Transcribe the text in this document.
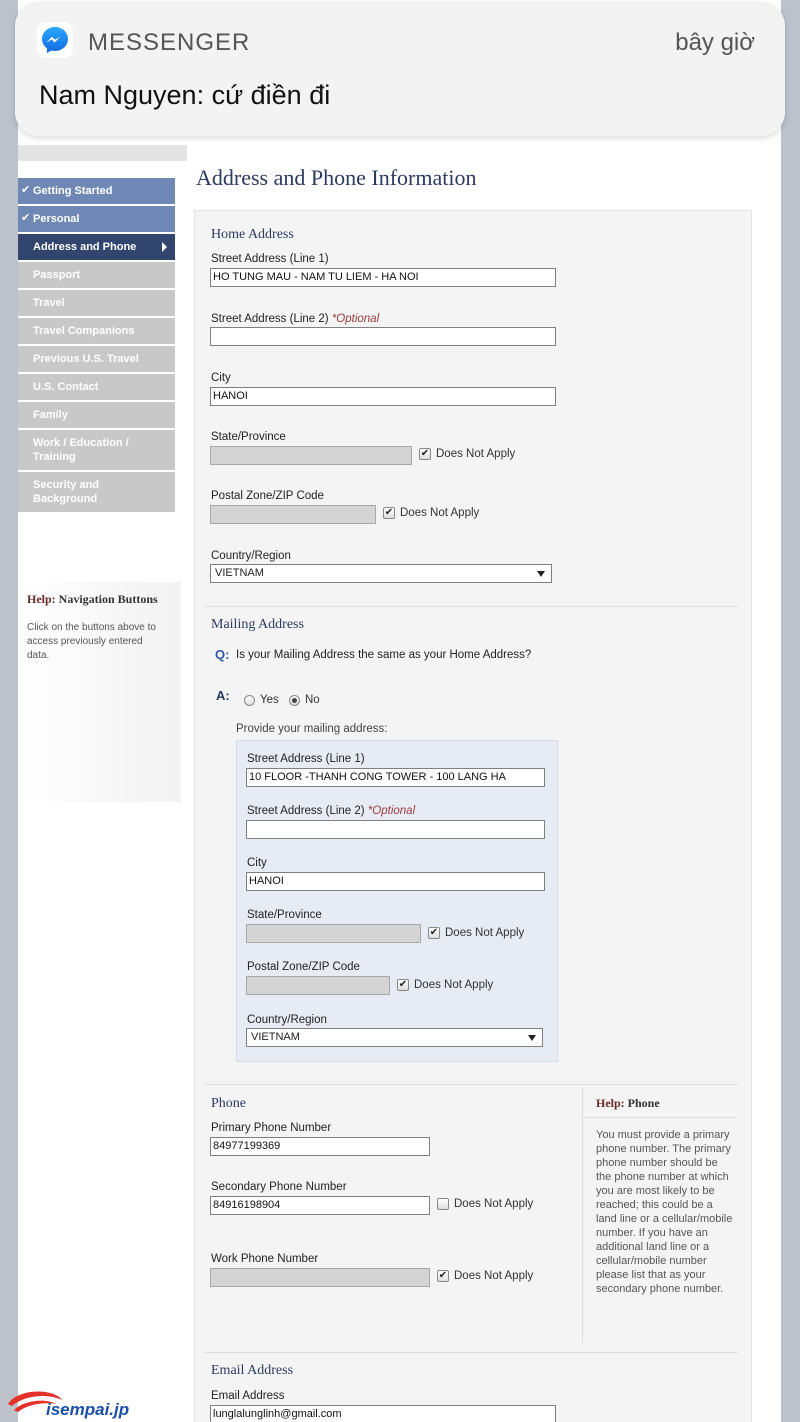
✔ Getting Started
✔ Personal
Address and Phone
Passport
Travel
Travel Companions
Previous U.S. Travel
U.S. Contact
Family
Work / Education / Training
Security and Background
Help: Navigation Buttons
Click on the buttons above to access previously entered data.
Address and Phone Information
Home Address
Street Address (Line 1)
HO TUNG MAU - NAM TU LIEM - HA NOI
Street Address (Line 2) *Optional
City
HANOI
State/Province
✔ Does Not Apply
Postal Zone/ZIP Code
✔ Does Not Apply
Country/Region
VIETNAM
Mailing Address
Q: Is your Mailing Address the same as your Home Address?
A:	Yes No
Provide your mailing address:
Street Address (Line 1)
10 FLOOR -THANH CONG TOWER - 100 LANG HA
Street Address (Line 2) *Optional
City
HANOI
State/Province
✔ Does Not Apply
Postal Zone/ZIP Code
✔ Does Not Apply
Country/Region
VIETNAM
Phone
Primary Phone Number
84977199369
Secondary Phone Number
84916198904	Does Not Apply
Work Phone Number
✔ Does Not Apply
Help: Phone
You must provide a primary phone number. The primary phone number should be the phone number at which you are most likely to be reached; this could be a land line or a cellular/mobile number. If you have an additional land line or a cellular/mobile number please list that as your secondary phone number.
Email Address
Email Address
lunglalunglinh@gmail.com
MESSENGER	bây giờ
Nam Nguyen: cứ điền đi
isempai.jp
